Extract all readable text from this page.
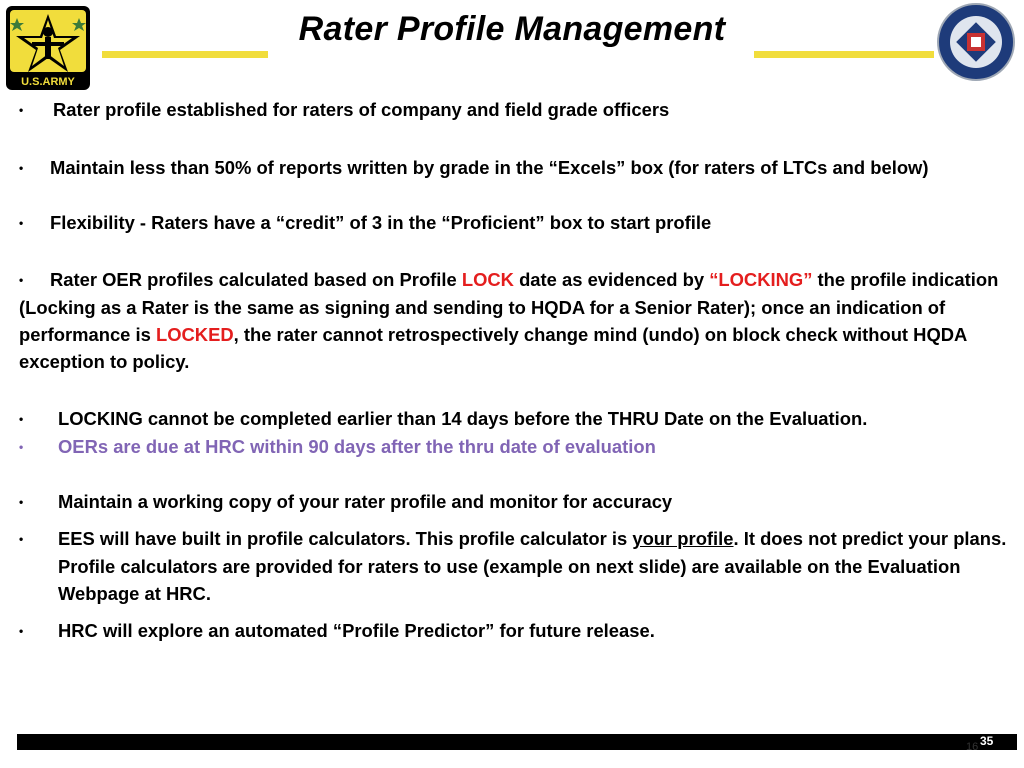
U.S.ARMY
Rater Profile Management

• Rater profile established for raters of company and field grade officers

• Maintain less than 50% of reports written by grade in the “Excels” box (for raters of LTCs and below)

• Flexibility - Raters have a “credit” of 3 in the “Proficient” box to start profile

• Rater OER profiles calculated based on Profile LOCK date as evidenced by “LOCKING” the profile indication (Locking as a Rater is the same as signing and sending to HQDA for a Senior Rater); once an indication of performance is LOCKED, the rater cannot retrospectively change mind (undo) on block check without HQDA exception to policy.

• LOCKING cannot be completed earlier than 14 days before the THRU Date on the Evaluation.

• OERs are due at HRC within 90 days after the thru date of evaluation

• Maintain a working copy of your rater profile and monitor for accuracy

• EES will have built in profile calculators. This profile calculator is your profile. It does not predict your plans. Profile calculators are provided for raters to use (example on next slide) are available on the Evaluation Webpage at HRC.

• HRC will explore an automated “Profile Predictor” for future release.

16 35
